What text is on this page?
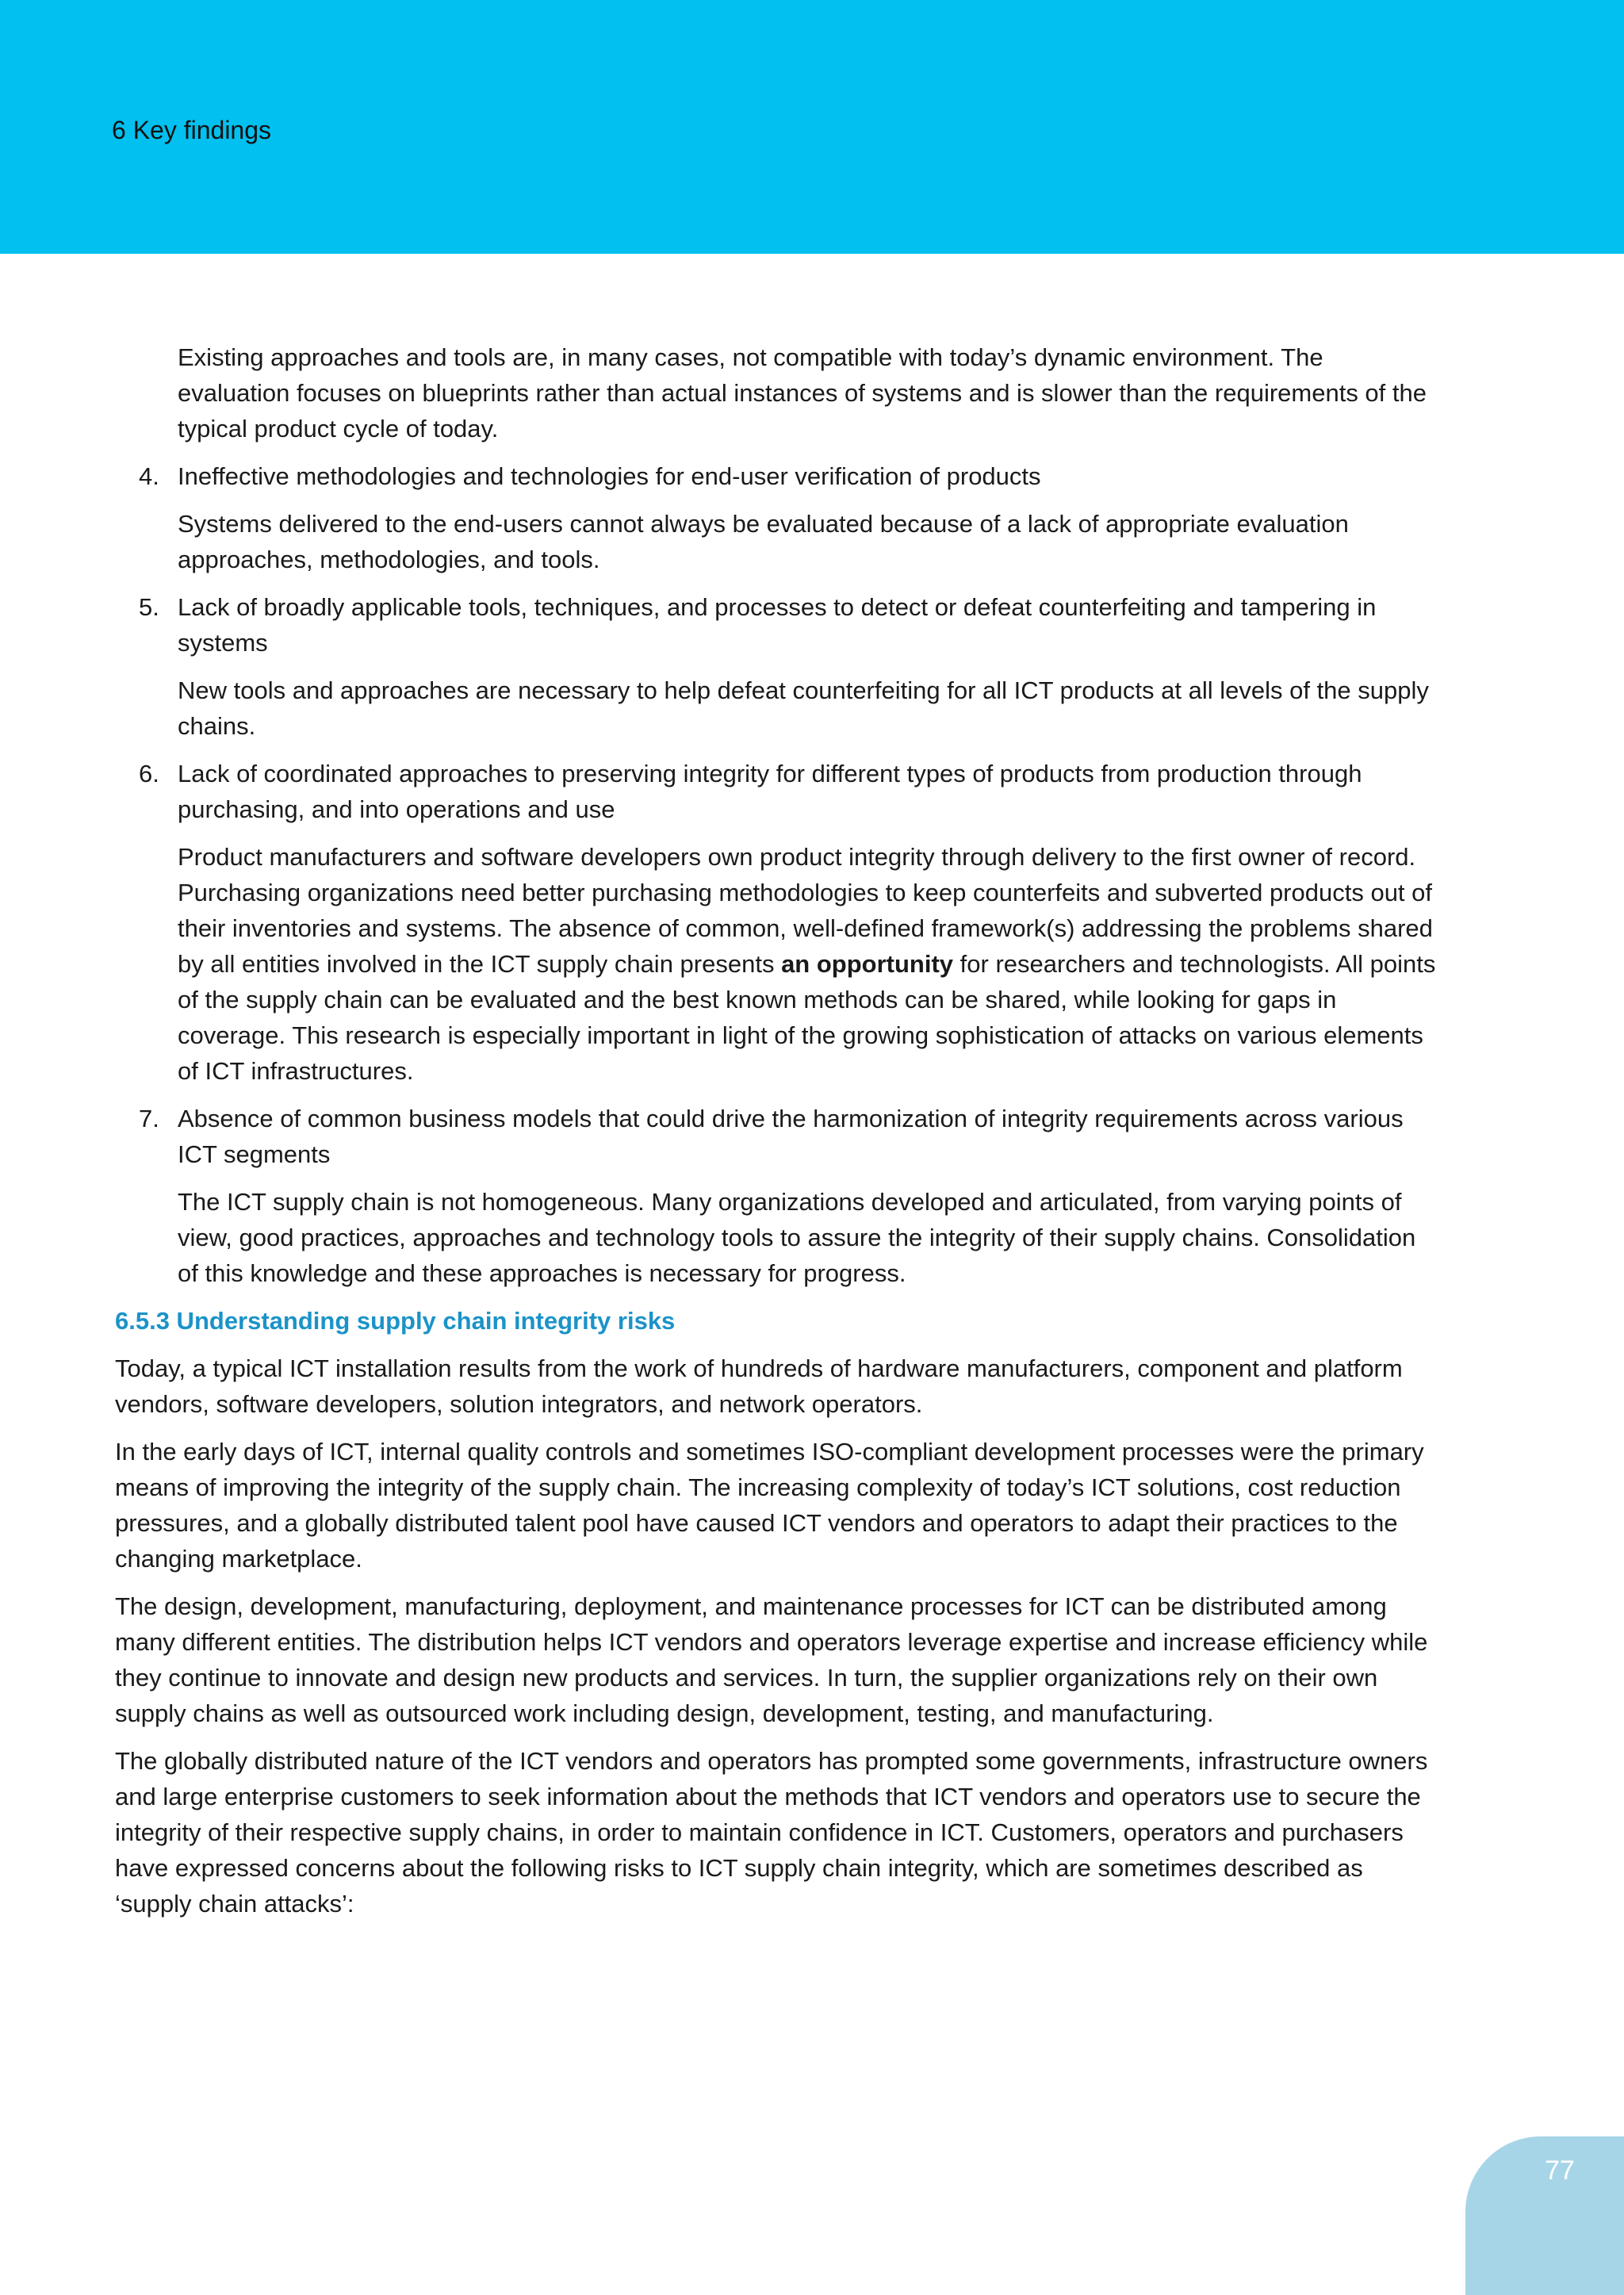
6 Key findings

Existing approaches and tools are, in many cases, not compatible with today’s dynamic environment. The evaluation focuses on blueprints rather than actual instances of systems and is slower than the requirements of the typical product cycle of today.

4. Ineffective methodologies and technologies for end-user verification of products

Systems delivered to the end-users cannot always be evaluated because of a lack of appropriate evaluation approaches, methodologies, and tools.

5. Lack of broadly applicable tools, techniques, and processes to detect or defeat counterfeiting and tampering in systems

New tools and approaches are necessary to help defeat counterfeiting for all ICT products at all levels of the supply chains.

6. Lack of coordinated approaches to preserving integrity for different types of products from production through purchasing, and into operations and use

Product manufacturers and software developers own product integrity through delivery to the first owner of record. Purchasing organizations need better purchasing methodologies to keep counterfeits and subverted products out of their inventories and systems. The absence of common, well-defined framework(s) addressing the problems shared by all entities involved in the ICT supply chain presents an opportunity for researchers and technologists. All points of the supply chain can be evaluated and the best known methods can be shared, while looking for gaps in coverage. This research is especially important in light of the growing sophistication of attacks on various elements of ICT infrastructures.

7. Absence of common business models that could drive the harmonization of integrity requirements across various ICT segments

The ICT supply chain is not homogeneous. Many organizations developed and articulated, from varying points of view, good practices, approaches and technology tools to assure the integrity of their supply chains. Consolidation of this knowledge and these approaches is necessary for progress.

6.5.3 Understanding supply chain integrity risks

Today, a typical ICT installation results from the work of hundreds of hardware manufacturers, component and platform vendors, software developers, solution integrators, and network operators.

In the early days of ICT, internal quality controls and sometimes ISO-compliant development processes were the primary means of improving the integrity of the supply chain. The increasing complexity of today’s ICT solutions, cost reduction pressures, and a globally distributed talent pool have caused ICT vendors and operators to adapt their practices to the changing marketplace.

The design, development, manufacturing, deployment, and maintenance processes for ICT can be distributed among many different entities. The distribution helps ICT vendors and operators leverage expertise and increase efficiency while they continue to innovate and design new products and services. In turn, the supplier organizations rely on their own supply chains as well as outsourced work including design, development, testing, and manufacturing.

The globally distributed nature of the ICT vendors and operators has prompted some governments, infrastructure owners and large enterprise customers to seek information about the methods that ICT vendors and operators use to secure the integrity of their respective supply chains, in order to maintain confidence in ICT. Customers, operators and purchasers have expressed concerns about the following risks to ICT supply chain integrity, which are sometimes described as ‘supply chain attacks’:

77
